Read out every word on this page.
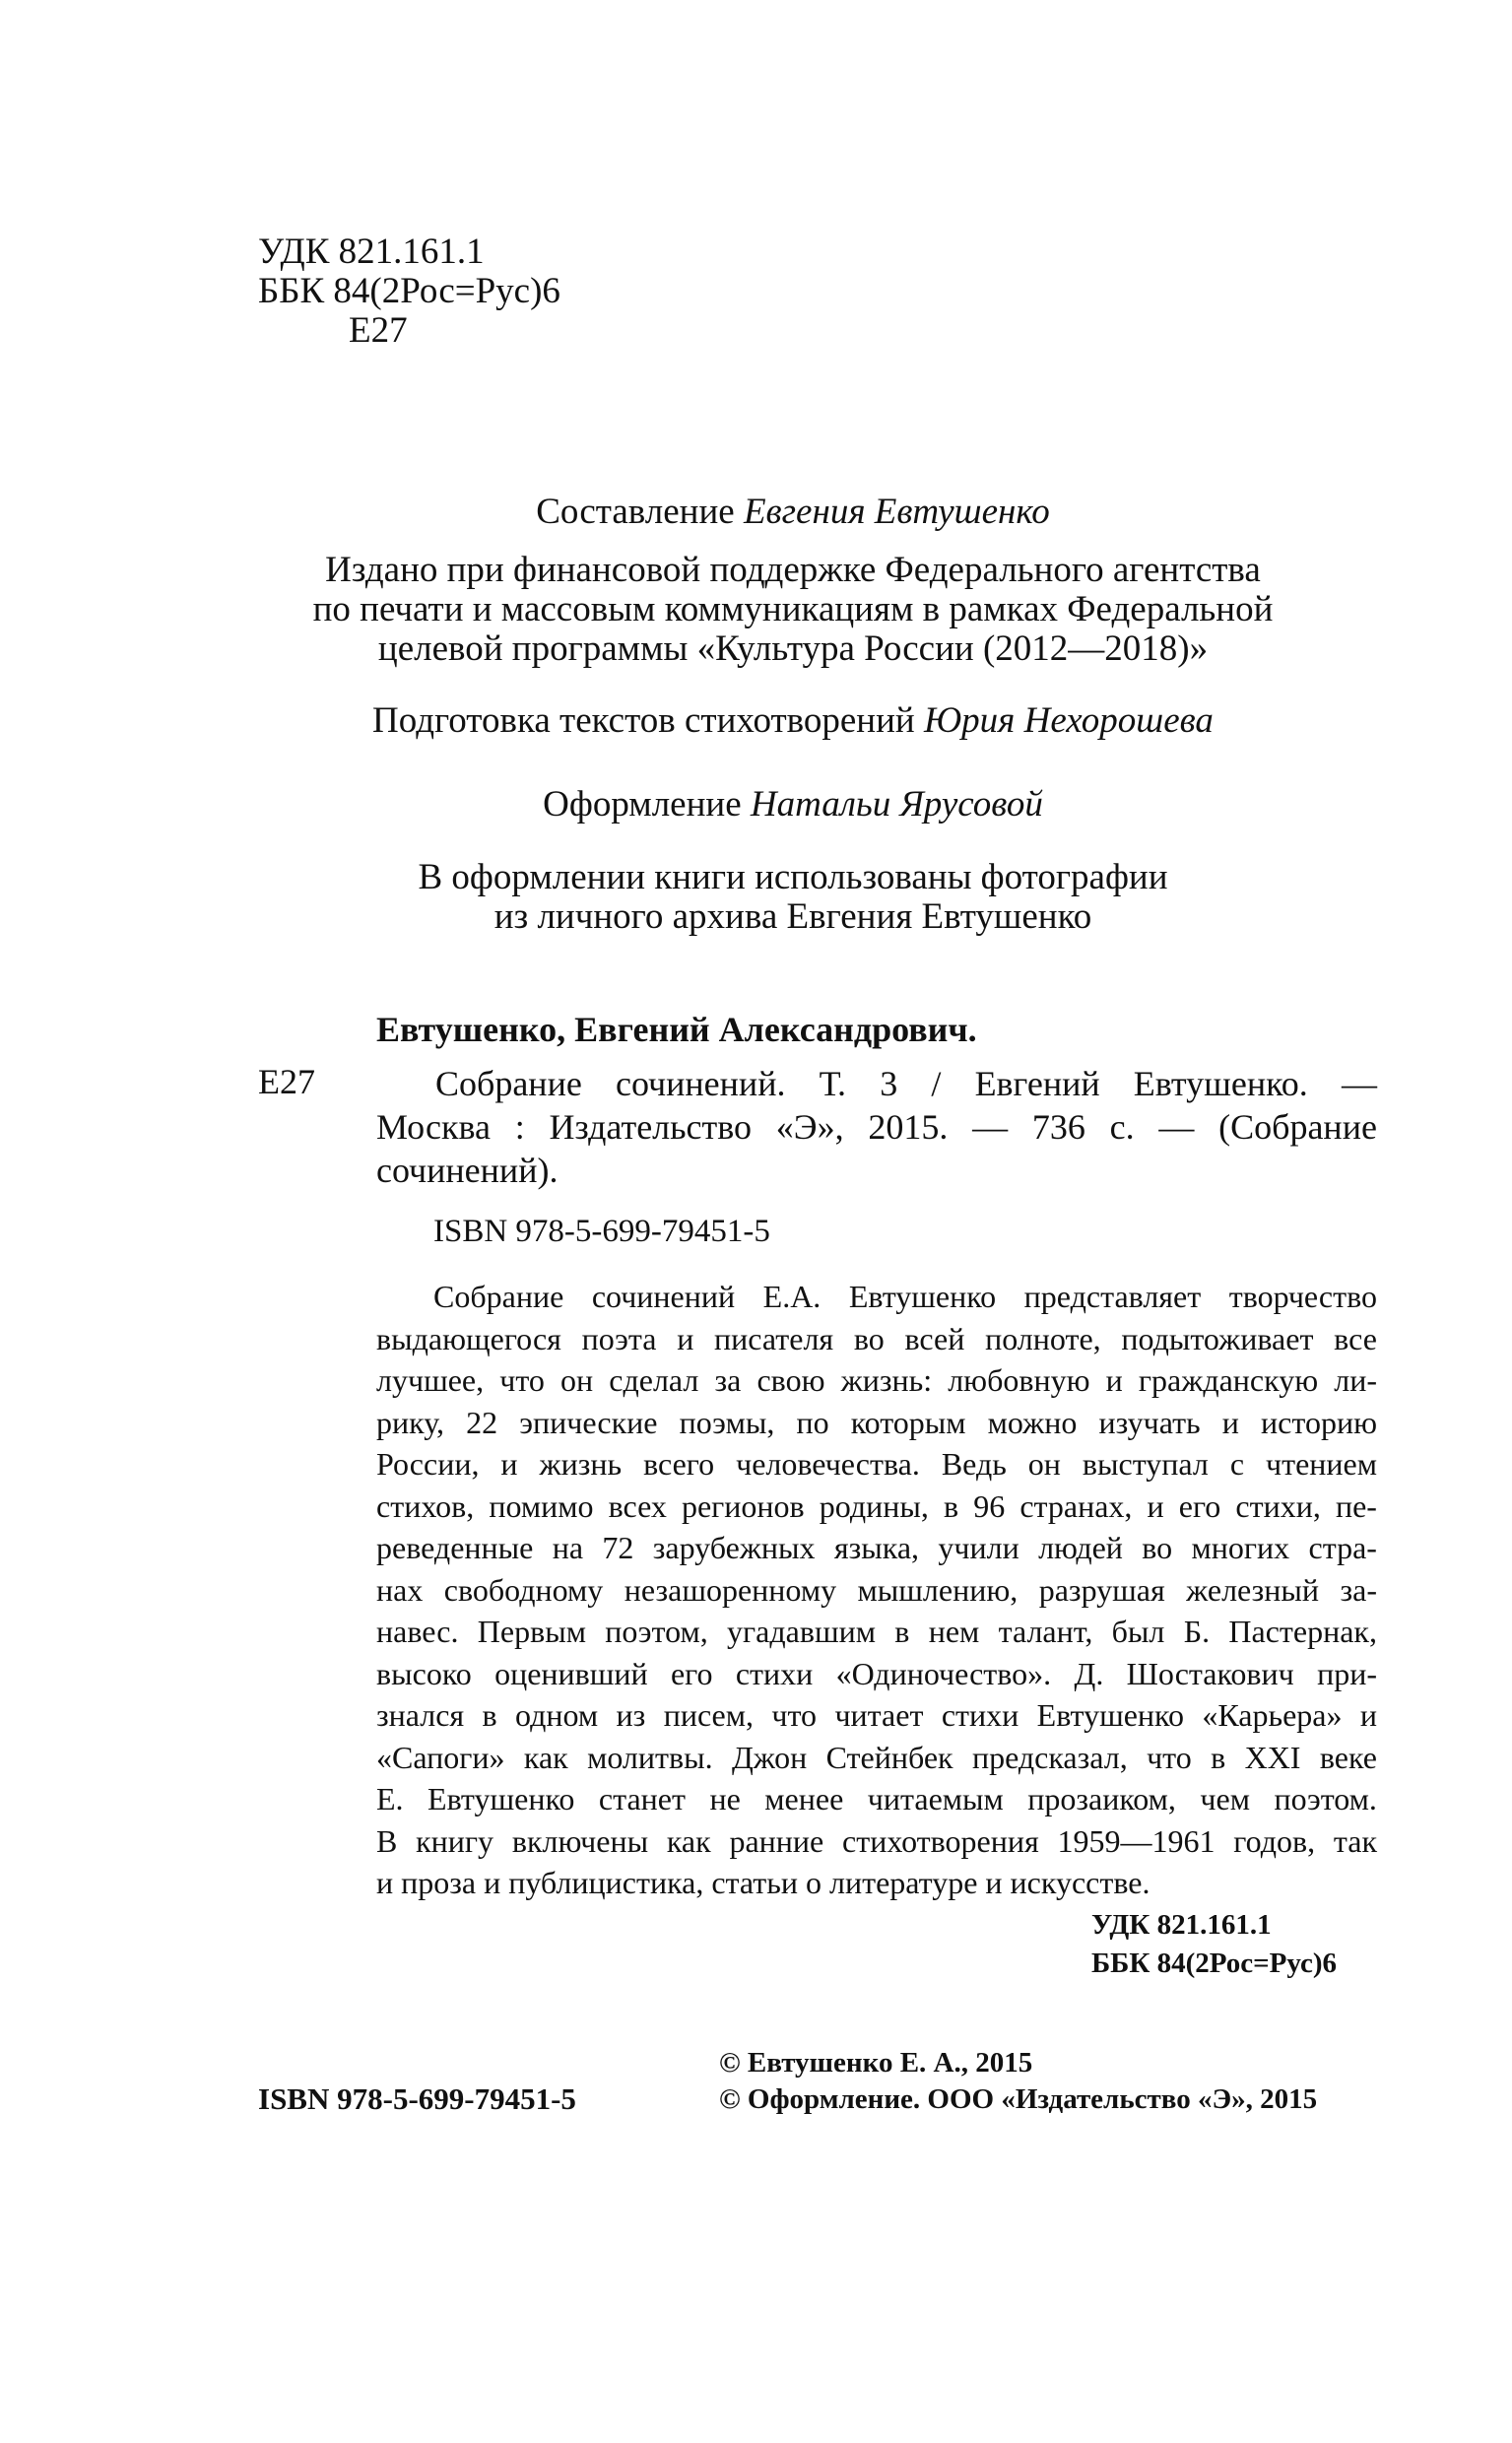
УДК 821.161.1
ББК 84(2Рос=Рус)6
Е27
Составление Евгения Евтушенко
Издано при финансовой поддержке Федерального агентства
по печати и массовым коммуникациям в рамках Федеральной
целевой программы «Культура России (2012—2018)»
Подготовка текстов стихотворений Юрия Нехорошева
Оформление Натальи Ярусовой
В оформлении книги использованы фотографии
из личного архива Евгения Евтушенко
Евтушенко, Евгений Александрович.
Е27	Собрание сочинений. Т. 3 / Евгений Евтушенко. —
Москва : Издательство «Э», 2015. — 736 с. — (Собрание
сочинений).
ISBN 978-5-699-79451-5
Собрание сочинений Е.А. Евтушенко представляет творчество
выдающегося поэта и писателя во всей полноте, подытоживает все
лучшее, что он сделал за свою жизнь: любовную и гражданскую ли-
рику, 22 эпические поэмы, по которым можно изучать и историю
России, и жизнь всего человечества. Ведь он выступал с чтением
стихов, помимо всех регионов родины, в 96 странах, и его стихи, пе-
реведенные на 72 зарубежных языка, учили людей во многих стра-
нах свободному незашоренному мышлению, разрушая железный за-
навес. Первым поэтом, угадавшим в нем талант, был Б. Пастернак,
высоко оценивший его стихи «Одиночество». Д. Шостакович при-
знался в одном из писем, что читает стихи Евтушенко «Карьера» и
«Сапоги» как молитвы. Джон Стейнбек предсказал, что в XXI веке
Е. Евтушенко станет не менее читаемым прозаиком, чем поэтом.
В книгу включены как ранние стихотворения 1959—1961 годов, так
и проза и публицистика, статьи о литературе и искусстве.
УДК 821.161.1
ББК 84(2Рос=Рус)6
ISBN 978-5-699-79451-5
© Евтушенко Е. А., 2015
© Оформление. ООО «Издательство «Э», 2015
